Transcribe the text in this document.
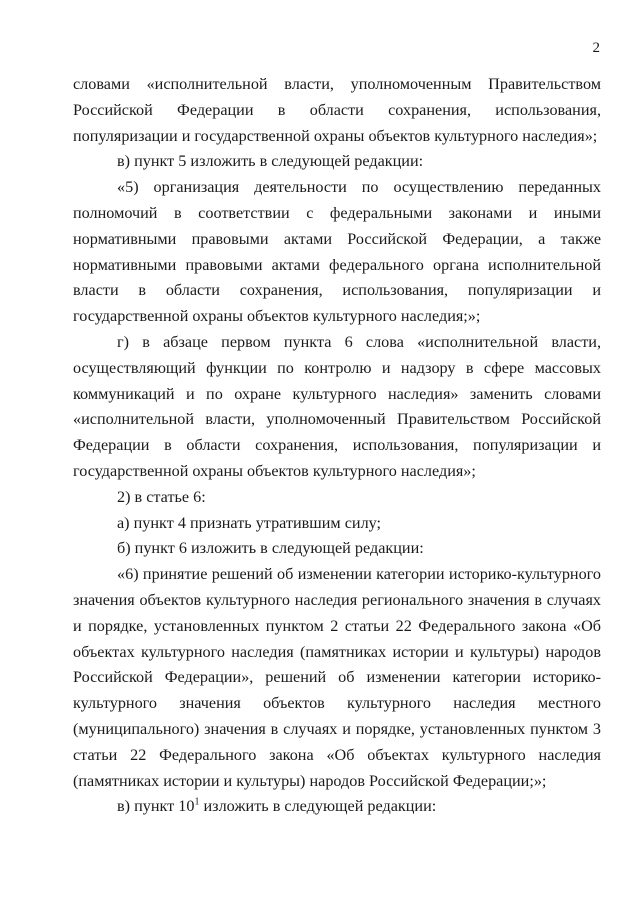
2

словами «исполнительной власти, уполномоченным Правительством Российской Федерации в области сохранения, использования, популяризации и государственной охраны объектов культурного наследия»;

в) пункт 5 изложить в следующей редакции:

«5) организация деятельности по осуществлению переданных полномочий в соответствии с федеральными законами и иными нормативными правовыми актами Российской Федерации, а также нормативными правовыми актами федерального органа исполнительной власти в области сохранения, использования, популяризации и государственной охраны объектов культурного наследия;»;

г) в абзаце первом пункта 6 слова «исполнительной власти, осуществляющий функции по контролю и надзору в сфере массовых коммуникаций и по охране культурного наследия» заменить словами «исполнительной власти, уполномоченный Правительством Российской Федерации в области сохранения, использования, популяризации и государственной охраны объектов культурного наследия»;

2) в статье 6:

а) пункт 4 признать утратившим силу;

б) пункт 6 изложить в следующей редакции:

«6) принятие решений об изменении категории историко-культурного значения объектов культурного наследия регионального значения в случаях и порядке, установленных пунктом 2 статьи 22 Федерального закона «Об объектах культурного наследия (памятниках истории и культуры) народов Российской Федерации», решений об изменении категории историко-культурного значения объектов культурного наследия местного (муниципального) значения в случаях и порядке, установленных пунктом 3 статьи 22 Федерального закона «Об объектах культурного наследия (памятниках истории и культуры) народов Российской Федерации;»;

в) пункт $10^1$ изложить в следующей редакции:
